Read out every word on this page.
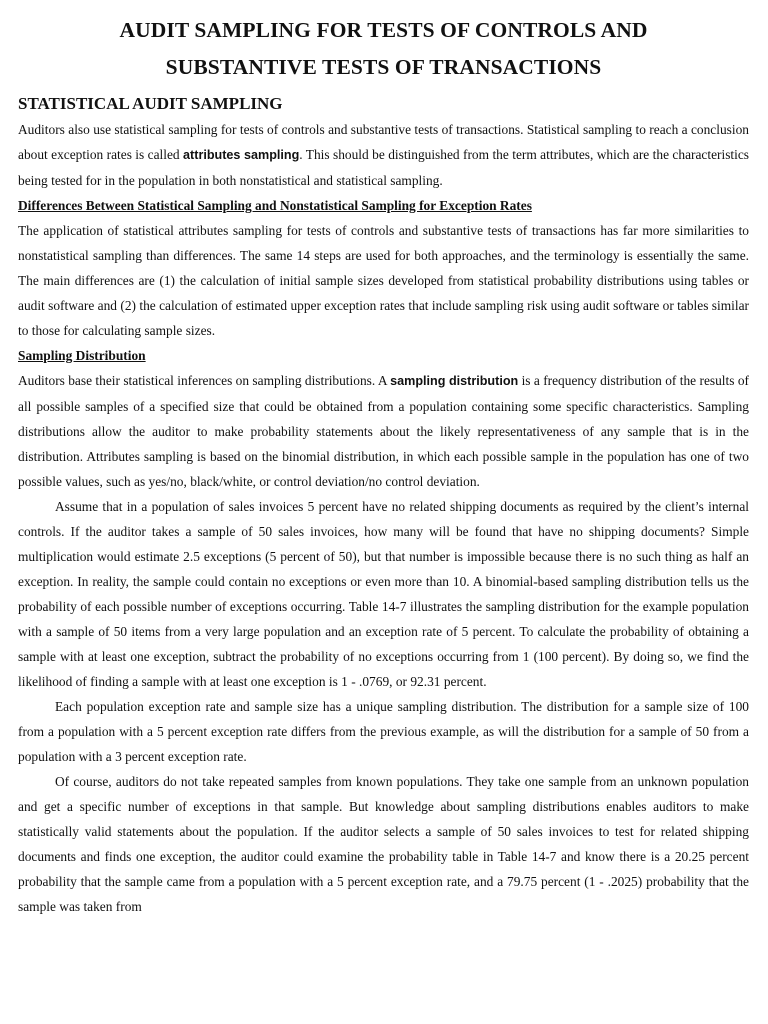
AUDIT SAMPLING FOR TESTS OF CONTROLS AND
SUBSTANTIVE TESTS OF TRANSACTIONS
STATISTICAL AUDIT SAMPLING

Auditors also use statistical sampling for tests of controls and substantive tests of transactions. Statistical sampling to reach a conclusion about exception rates is called attributes sampling. This should be distinguished from the term attributes, which are the characteristics being tested for in the population in both nonstatistical and statistical sampling.

Differences Between Statistical Sampling and Nonstatistical Sampling for Exception Rates

The application of statistical attributes sampling for tests of controls and substantive tests of transactions has far more similarities to nonstatistical sampling than differences. The same 14 steps are used for both approaches, and the terminology is essentially the same. The main differences are (1) the calculation of initial sample sizes developed from statistical probability distributions using tables or audit software and (2) the calculation of estimated upper exception rates that include sampling risk using audit software or tables similar to those for calculating sample sizes.

Sampling Distribution

Auditors base their statistical inferences on sampling distributions. A sampling distribution is a frequency distribution of the results of all possible samples of a specified size that could be obtained from a population containing some specific characteristics. Sampling distributions allow the auditor to make probability statements about the likely representativeness of any sample that is in the distribution. Attributes sampling is based on the binomial distribution, in which each possible sample in the population has one of two possible values, such as yes/no, black/white, or control deviation/no control deviation.

Assume that in a population of sales invoices 5 percent have no related shipping documents as required by the client’s internal controls. If the auditor takes a sample of 50 sales invoices, how many will be found that have no shipping documents? Simple multiplication would estimate 2.5 exceptions (5 percent of 50), but that number is impossible because there is no such thing as half an exception. In reality, the sample could contain no exceptions or even more than 10. A binomial-based sampling distribution tells us the probability of each possible number of exceptions occurring. Table 14-7 illustrates the sampling distribution for the example population with a sample of 50 items from a very large population and an exception rate of 5 percent. To calculate the probability of obtaining a sample with at least one exception, subtract the probability of no exceptions occurring from 1 (100 percent). By doing so, we find the likelihood of finding a sample with at least one exception is 1 - .0769, or 92.31 percent.

Each population exception rate and sample size has a unique sampling distribution. The distribution for a sample size of 100 from a population with a 5 percent exception rate differs from the previous example, as will the distribution for a sample of 50 from a population with a 3 percent exception rate.

Of course, auditors do not take repeated samples from known populations. They take one sample from an unknown population and get a specific number of exceptions in that sample. But knowledge about sampling distributions enables auditors to make statistically valid statements about the population. If the auditor selects a sample of 50 sales invoices to test for related shipping documents and finds one exception, the auditor could examine the probability table in Table 14-7 and know there is a 20.25 percent probability that the sample came from a population with a 5 percent exception rate, and a 79.75 percent (1 - .2025) probability that the sample was taken from
